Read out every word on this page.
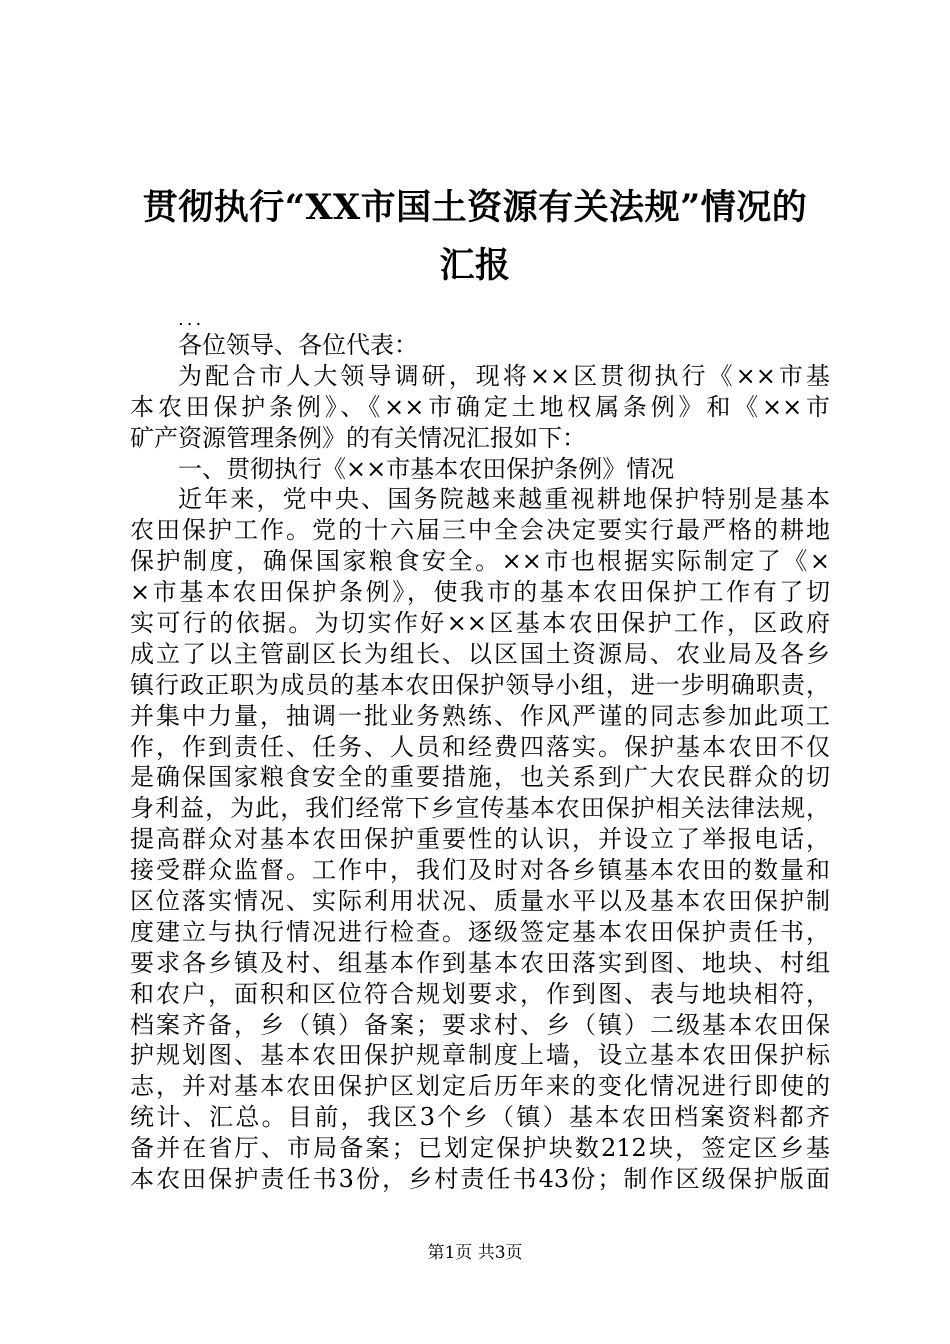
贯彻执行“XX市国土资源有关法规”情况的
汇报
...
各位领导、各位代表：
为配合市人大领导调研，现将××区贯彻执行《××市基
本农田保护条例》、《××市确定土地权属条例》和《××市
矿产资源管理条例》的有关情况汇报如下：
一、贯彻执行《××市基本农田保护条例》情况
近年来，党中央、国务院越来越重视耕地保护特别是基本
农田保护工作。党的十六届三中全会决定要实行最严格的耕地
保护制度，确保国家粮食安全。××市也根据实际制定了《×
×市基本农田保护条例》，使我市的基本农田保护工作有了切
实可行的依据。为切实作好××区基本农田保护工作，区政府
成立了以主管副区长为组长、以区国土资源局、农业局及各乡
镇行政正职为成员的基本农田保护领导小组，进一步明确职责，
并集中力量，抽调一批业务熟练、作风严谨的同志参加此项工
作，作到责任、任务、人员和经费四落实。保护基本农田不仅
是确保国家粮食安全的重要措施，也关系到广大农民群众的切
身利益，为此，我们经常下乡宣传基本农田保护相关法律法规，
提高群众对基本农田保护重要性的认识，并设立了举报电话，
接受群众监督。工作中，我们及时对各乡镇基本农田的数量和
区位落实情况、实际利用状况、质量水平以及基本农田保护制
度建立与执行情况进行检查。逐级签定基本农田保护责任书，
要求各乡镇及村、组基本作到基本农田落实到图、地块、村组
和农户，面积和区位符合规划要求，作到图、表与地块相符，
档案齐备，乡（镇）备案；要求村、乡（镇）二级基本农田保
护规划图、基本农田保护规章制度上墙，设立基本农田保护标
志，并对基本农田保护区划定后历年来的变化情况进行即使的
统计、汇总。目前，我区3个乡（镇）基本农田档案资料都齐
备并在省厅、市局备案；已划定保护块数212块，签定区乡基
本农田保护责任书3份，乡村责任书43份；制作区级保护版面
第1页 共3页
